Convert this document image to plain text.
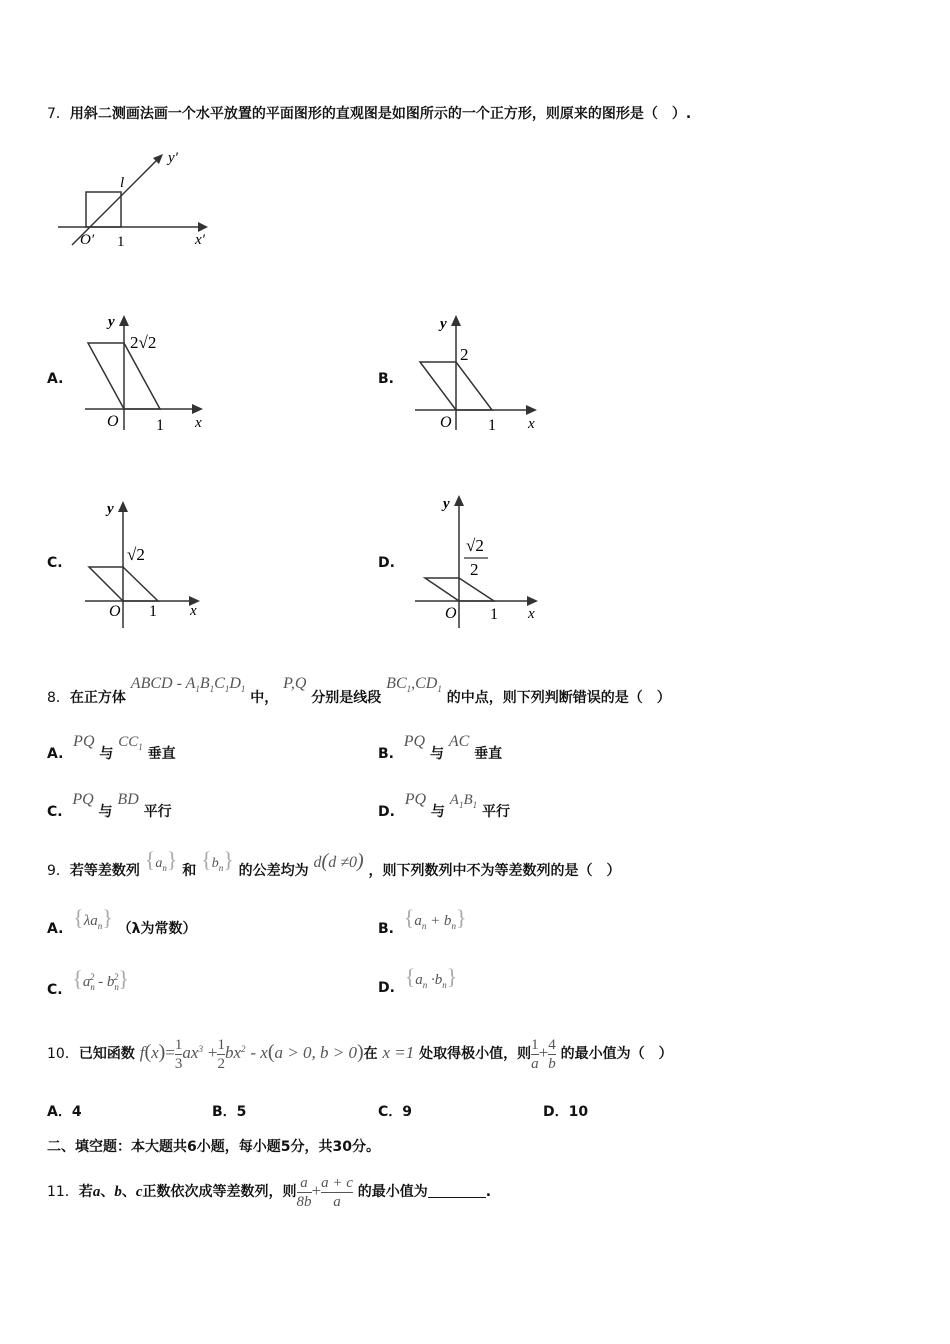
7．用斜二测画法画一个水平放置的平面图形的直观图是如图所示的一个正方形，则原来的图形是（　）.
y′
x′
O′ 1
l
A.
y
x
O 1
2√2
B.
y
x
O 1
2
C.
y
x
O 1
√2	D.
y
x
O 1
√2
2
8．在正方体 ABCD - $A_1B_1C_1D_1$ 中， P,Q 分别是线段 $BC_1,CD_1$ 的中点，则下列判断错误的是（　）
A.  PQ 与 $CC_1$ 垂直	B.  PQ 与 AC 垂直
C.  PQ 与 BD 平行	D.  PQ 与 $A_1B_1$ 平行
9．若等差数列 $\{a_n\}$ 和 $\{b_n\}$ 的公差均为 d(d ≠0) ，则下列数列中不为等差数列的是（　）
A. $\{\lambda a_n\}$ （λ为常数）	B. $\{a_n + b_n\}$
C. $\{a_n^2 - b_n^2\}$	D. $\{a_n \cdot b_n\}$
10．已知函数 $f(x)= \frac{1}{3} ax^3 + \frac{1}{2} bx^2 - x(a > 0$, b > 0)在 x =1 处取得极小值，则 $\frac{1}{a} + \frac{4}{b}$ 的最小值为（　）
A．4	B．5	C．9	D．10
二、填空题：本大题共6小题，每小题5分，共30分。
11．若a、b、c正数依次成等差数列，则 $\frac{a}{8b} + \frac{a + c}{a}$ 的最小值为	.
